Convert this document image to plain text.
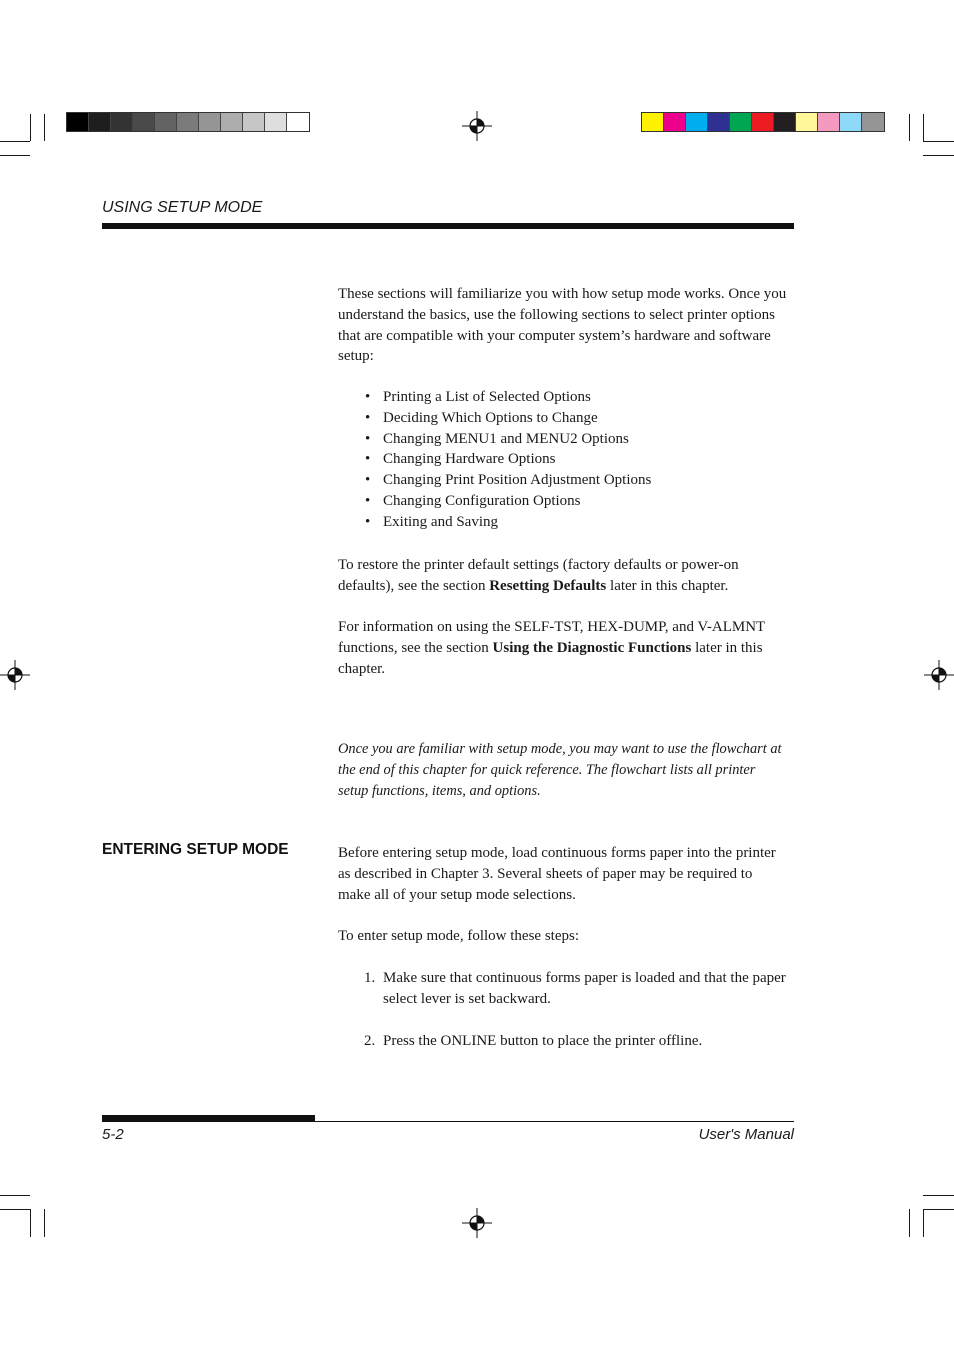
USING SETUP MODE

These sections will familiarize you with how setup mode works. Once you understand the basics, use the following sections to select printer options that are compatible with your computer system’s hardware and software setup:

• Printing a List of Selected Options
• Deciding Which Options to Change
• Changing MENU1 and MENU2 Options
• Changing Hardware Options
• Changing Print Position Adjustment Options
• Changing Configuration Options
• Exiting and Saving

To restore the printer default settings (factory defaults or power-on defaults), see the section Resetting Defaults later in this chapter.

For information on using the SELF-TST, HEX-DUMP, and V-ALMNT functions, see the section Using the Diagnostic Functions later in this chapter.

Once you are familiar with setup mode, you may want to use the flowchart at the end of this chapter for quick reference. The flowchart lists all printer setup functions, items, and options.

ENTERING SETUP MODE	Before entering setup mode, load continuous forms paper into the printer as described in Chapter 3. Several sheets of paper may be required to make all of your setup mode selections.

To enter setup mode, follow these steps:

1. Make sure that continuous forms paper is loaded and that the paper select lever is set backward.
2. Press the ONLINE button to place the printer offline.
5-2	User's Manual
